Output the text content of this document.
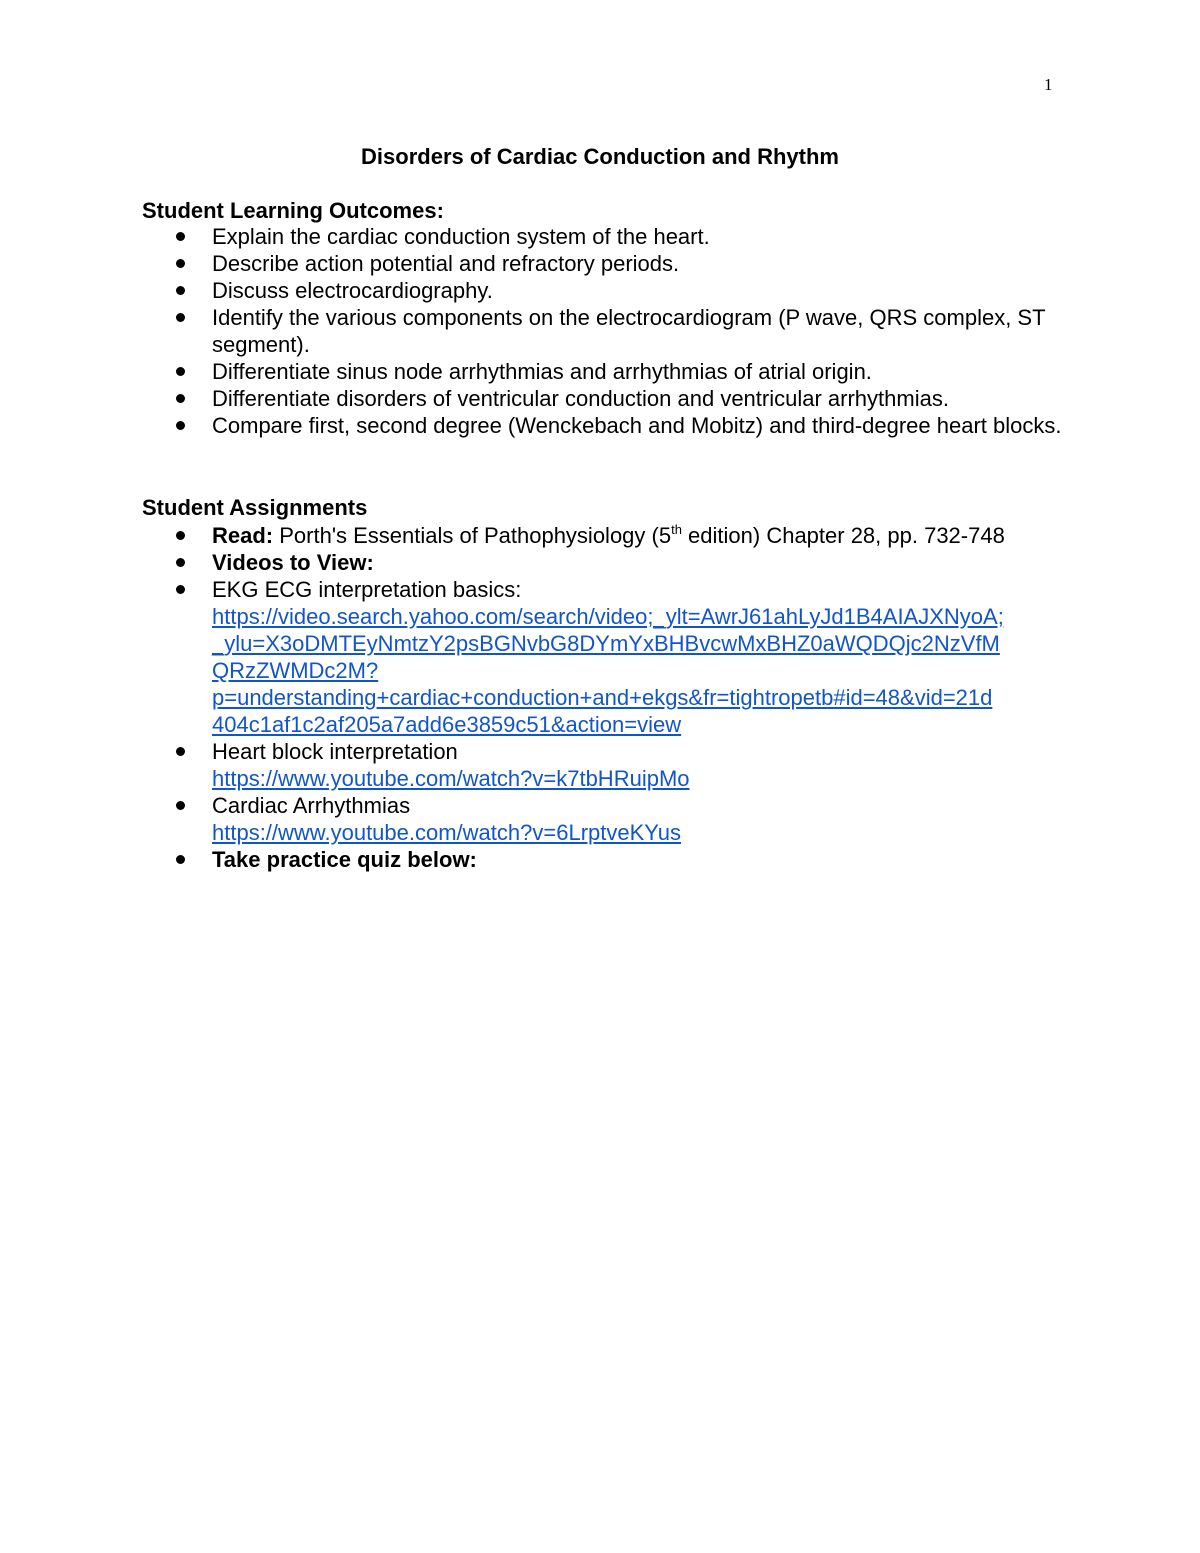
1
Disorders of Cardiac Conduction and Rhythm
Student Learning Outcomes:
Explain the cardiac conduction system of the heart.
Describe action potential and refractory periods.
Discuss electrocardiography.
Identify the various components on the electrocardiogram (P wave, QRS complex, ST segment).
Differentiate sinus node arrhythmias and arrhythmias of atrial origin.
Differentiate disorders of ventricular conduction and ventricular arrhythmias.
Compare first, second degree (Wenckebach and Mobitz) and third-degree heart blocks.
Student Assignments
Read: Porth's Essentials of Pathophysiology (5th edition) Chapter 28, pp. 732-748
Videos to View:
EKG ECG interpretation basics:
https://video.search.yahoo.com/search/video;_ylt=AwrJ61ahLyJd1B4AIAJXNyoA;
_ylu=X3oDMTEyNmtzY2psBGNvbG8DYmYxBHBvcwMxBHZ0aWQDQjc2NzVfM
QRzZWMDc2M?
p=understanding+cardiac+conduction+and+ekgs&fr=tightropetb#id=48&vid=21d
404c1af1c2af205a7add6e3859c51&action=view
Heart block interpretation
https://www.youtube.com/watch?v=k7tbHRuipMo
Cardiac Arrhythmias
https://www.youtube.com/watch?v=6LrptveKYus
Take practice quiz below:
